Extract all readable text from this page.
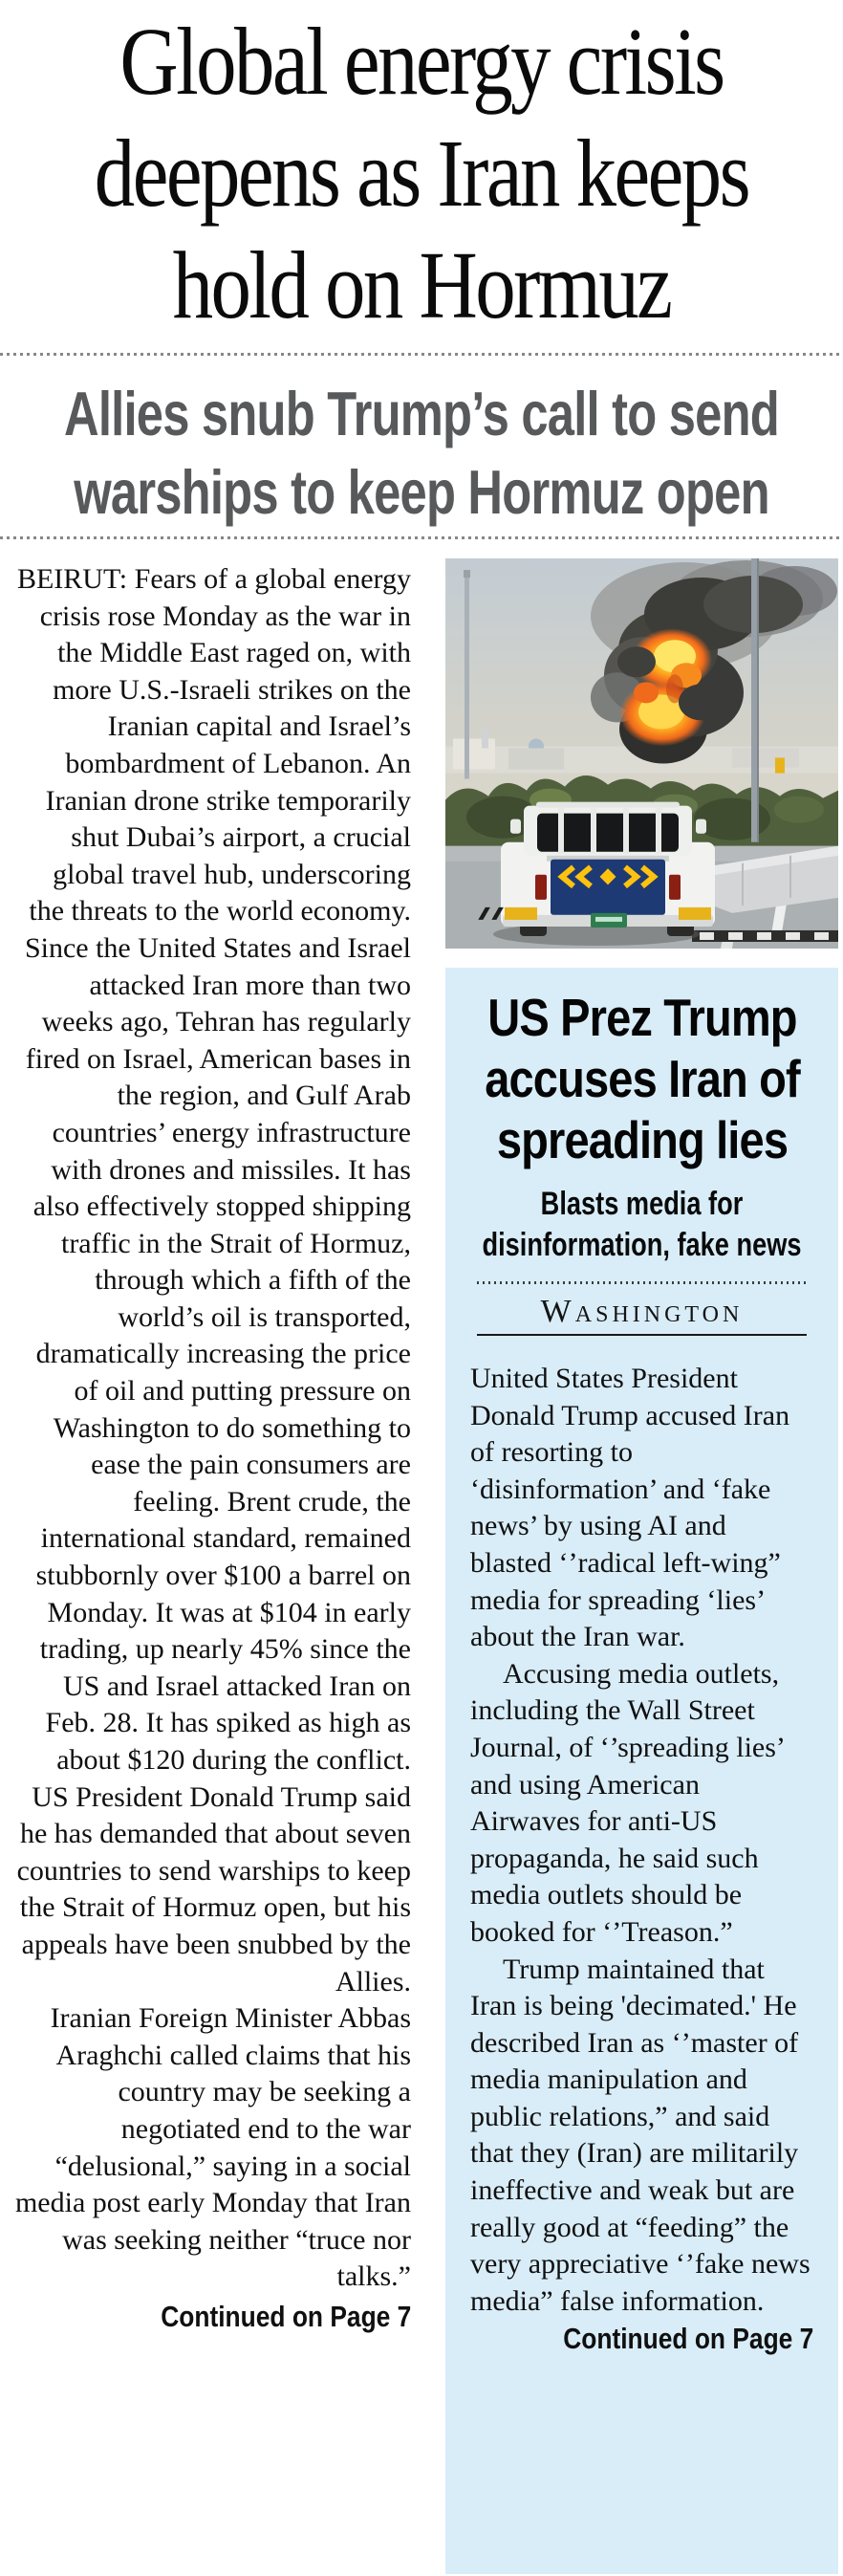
Global energy crisis
deepens as Iran keeps
hold on Hormuz
Allies snub Trump’s call to send
warships to keep Hormuz open

BEIRUT: Fears of a global energy crisis rose Monday as the war in the Middle East raged on, with more U.S.-Israeli strikes on the Iranian capital and Israel’s bombardment of Lebanon. An Iranian drone strike temporarily shut Dubai’s airport, a crucial global travel hub, underscoring the threats to the world economy. Since the United States and Israel attacked Iran more than two weeks ago, Tehran has regularly fired on Israel, American bases in the region, and Gulf Arab countries’ energy infrastructure with drones and missiles. It has also effectively stopped shipping traffic in the Strait of Hormuz, through which a fifth of the world’s oil is transported, dramatically increasing the price of oil and putting pressure on Washington to do something to ease the pain consumers are feeling. Brent crude, the international standard, remained stubbornly over $100 a barrel on Monday. It was at $104 in early trading, up nearly 45% since the US and Israel attacked Iran on Feb. 28. It has spiked as high as about $120 during the conflict.

US President Donald Trump said he has demanded that about seven countries to send warships to keep the Strait of Hormuz open, but his appeals have been snubbed by the Allies.

Iranian Foreign Minister Abbas Araghchi called claims that his country may be seeking a negotiated end to the war “delusional,” saying in a social media post early Monday that Iran was seeking neither “truce nor talks.”

Continued on Page 7
US Prez Trump
accuses Iran of
spreading lies
Blasts media for
disinformation, fake news
Washington

United States President Donald Trump accused Iran of resorting to ‘disinformation’ and ‘fake news’ by using AI and blasted ‘’radical left-wing” media for spreading ‘lies’ about the Iran war.

Accusing media outlets, including the Wall Street Journal, of ‘’spreading lies’ and using American Airwaves for anti-US propaganda, he said such media outlets should be booked for ‘’Treason.”

Trump maintained that Iran is being 'decimated.' He described Iran as ‘’master of media manipulation and public relations,” and said that they (Iran) are militarily ineffective and weak but are really good at “feeding” the very appreciative ‘’fake news media” false information.

Continued on Page 7
